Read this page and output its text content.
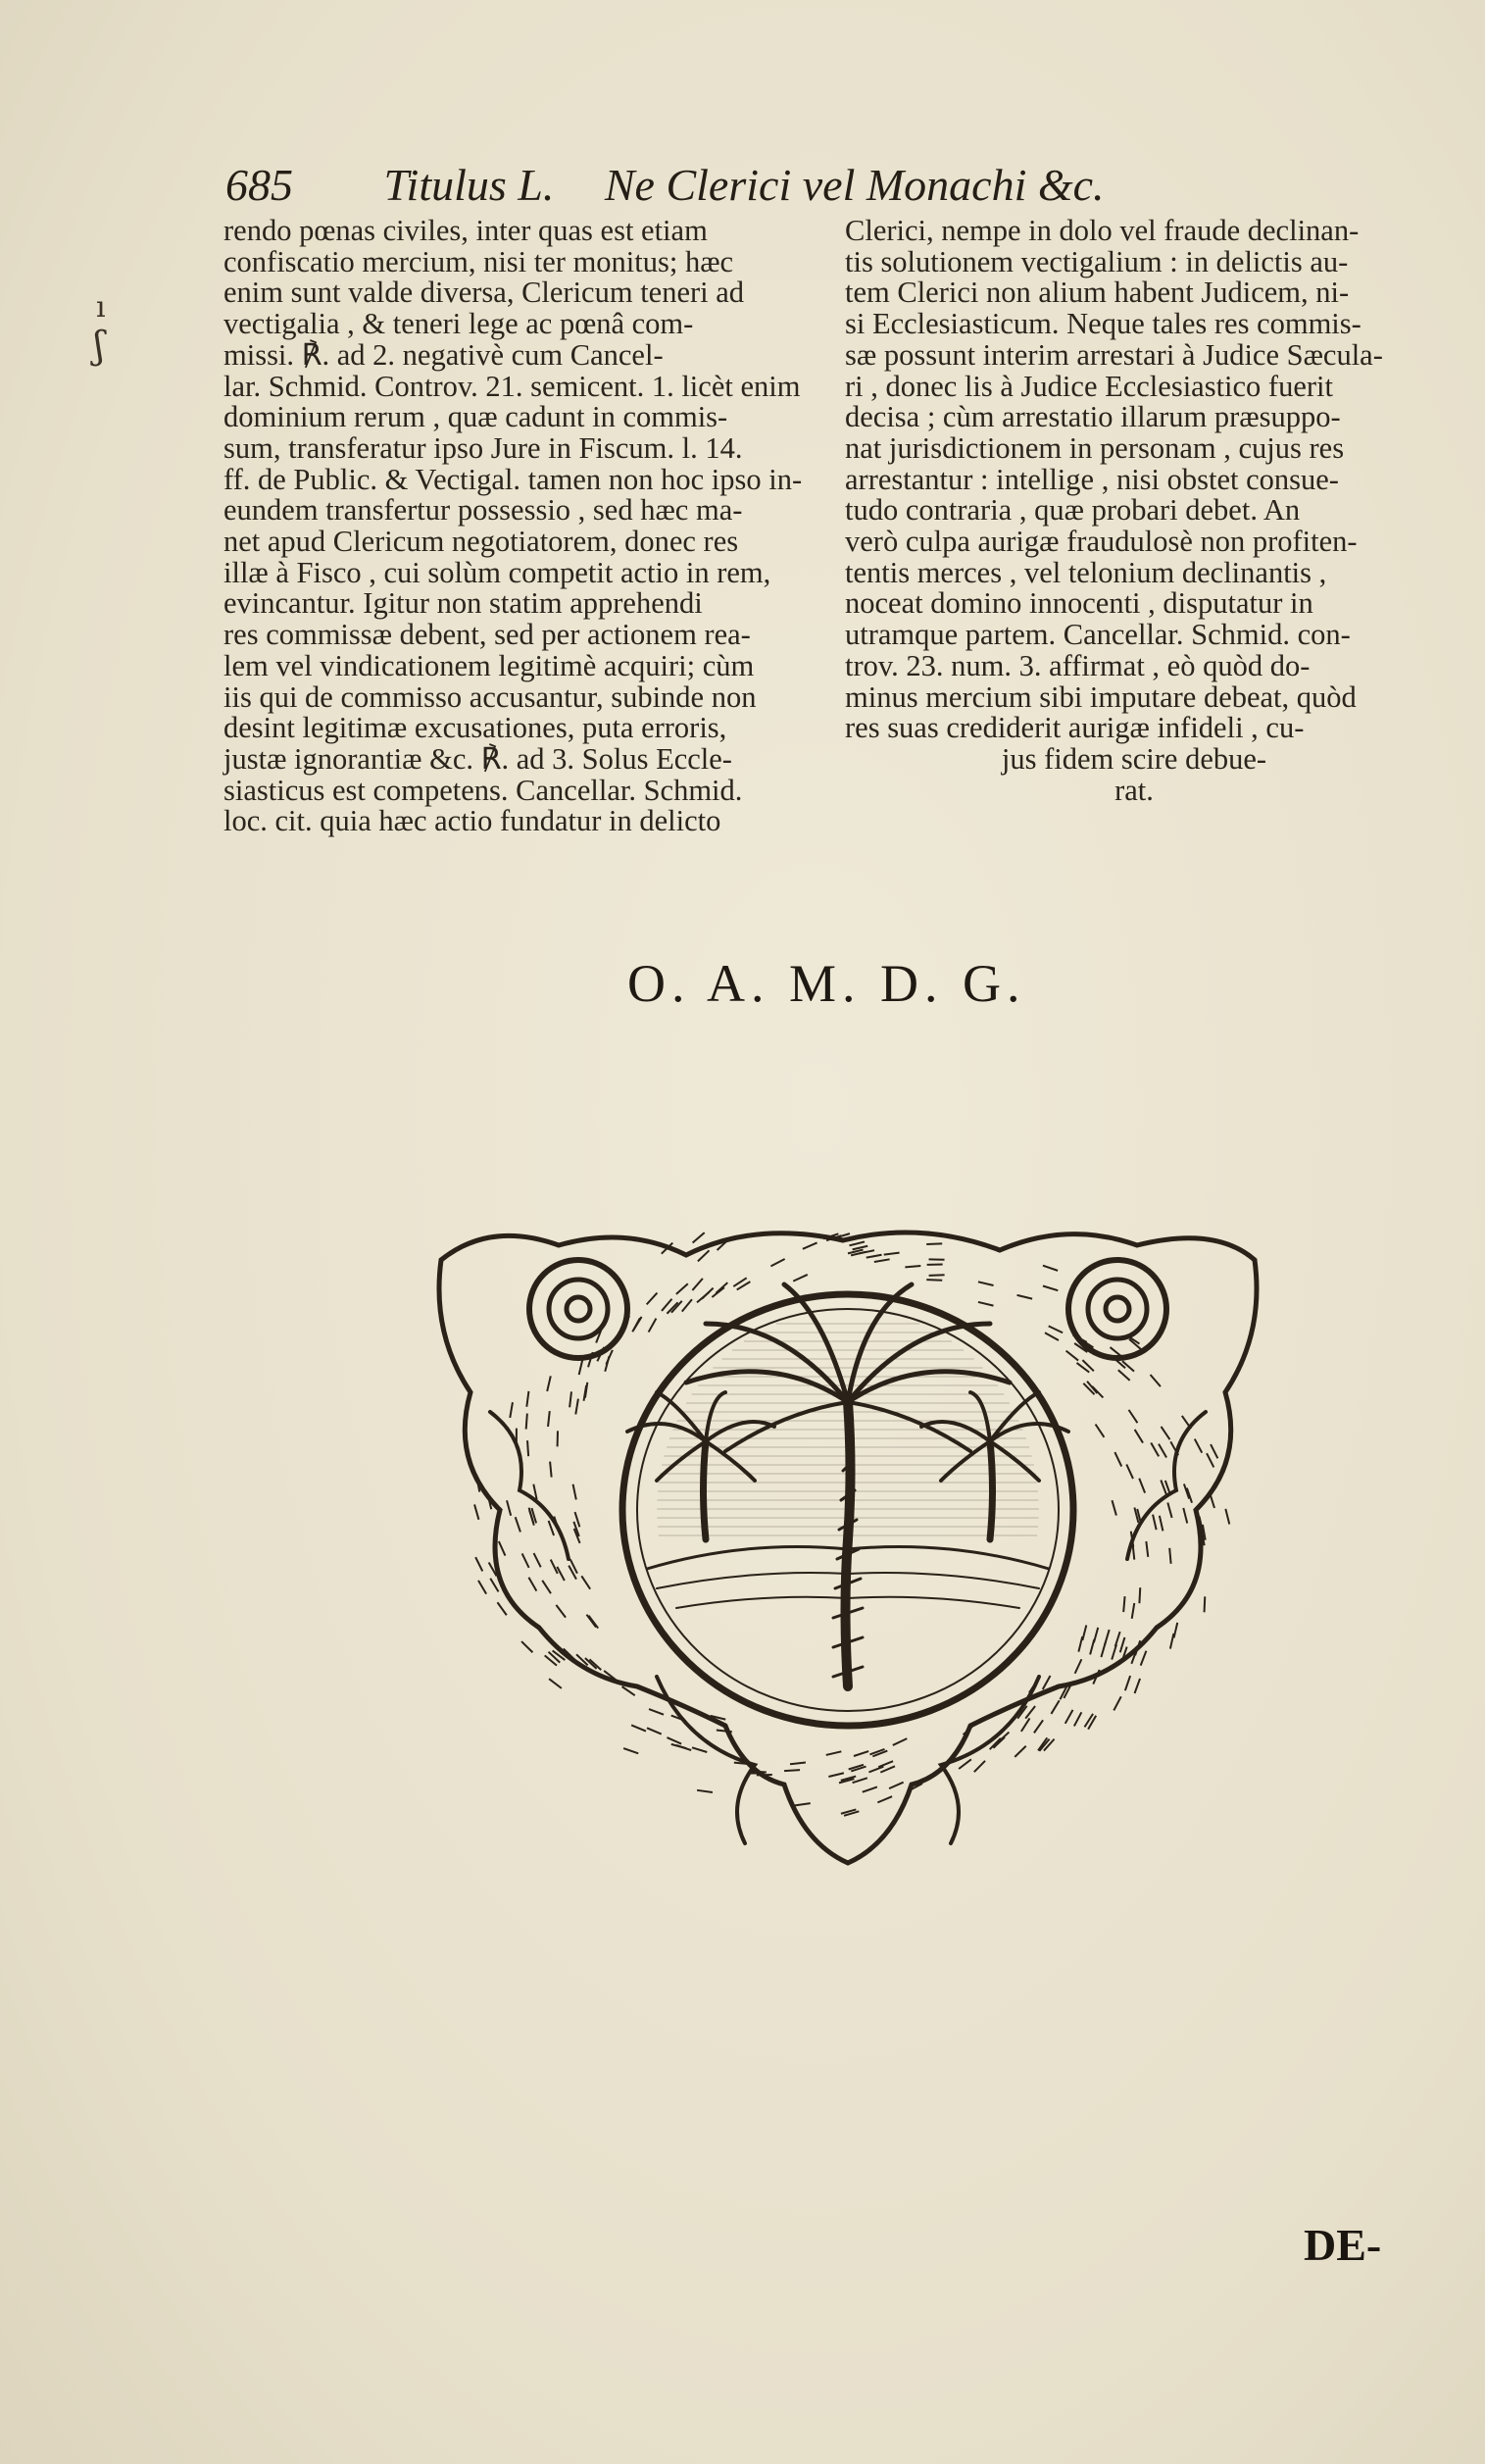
ı
ʃ
685 Titulus L. Ne Clerici vel Monachi &c.
rendo pœnas civiles, inter quas est etiam
confiscatio mercium, nisi ter monitus; hæc
enim sunt valde diversa, Clericum teneri ad
vectigalia , & teneri lege ac pœnâ com-
missi. ℟. ad 2. negativè cum Cancel-
lar. Schmid. Controv. 21. semicent. 1. licèt enim
dominium rerum , quæ cadunt in commis-
sum, transferatur ipso Jure in Fiscum. l. 14.
ff. de Public. & Vectigal. tamen non hoc ipso in-
eundem transfertur possessio , sed hæc ma-
net apud Clericum negotiatorem, donec res
illæ à Fisco , cui solùm competit actio in rem,
evincantur. Igitur non statim apprehendi
res commissæ debent, sed per actionem rea-
lem vel vindicationem legitimè acquiri; cùm
iis qui de commisso accusantur, subinde non
desint legitimæ excusationes, puta erroris,
justæ ignorantiæ &c. ℟. ad 3. Solus Eccle-
siasticus est competens. Cancellar. Schmid.
loc. cit. quia hæc actio fundatur in delicto
Clerici, nempe in dolo vel fraude declinan-
tis solutionem vectigalium : in delictis au-
tem Clerici non alium habent Judicem, ni-
si Ecclesiasticum. Neque tales res commis-
sæ possunt interim arrestari à Judice Sæcula-
ri , donec lis à Judice Ecclesiastico fuerit
decisa ; cùm arrestatio illarum præsuppo-
nat jurisdictionem in personam , cujus res
arrestantur : intellige , nisi obstet consue-
tudo contraria , quæ probari debet. An
verò culpa aurigæ fraudulosè non profiten-
tentis merces , vel telonium declinantis ,
noceat domino innocenti , disputatur in
utramque partem. Cancellar. Schmid. con-
trov. 23. num. 3. affirmat , eò quòd do-
minus mercium sibi imputare debeat, quòd
res suas crediderit aurigæ infideli , cu-
jus fidem scire debue-
rat.
O. A. M. D. G.
DE-
